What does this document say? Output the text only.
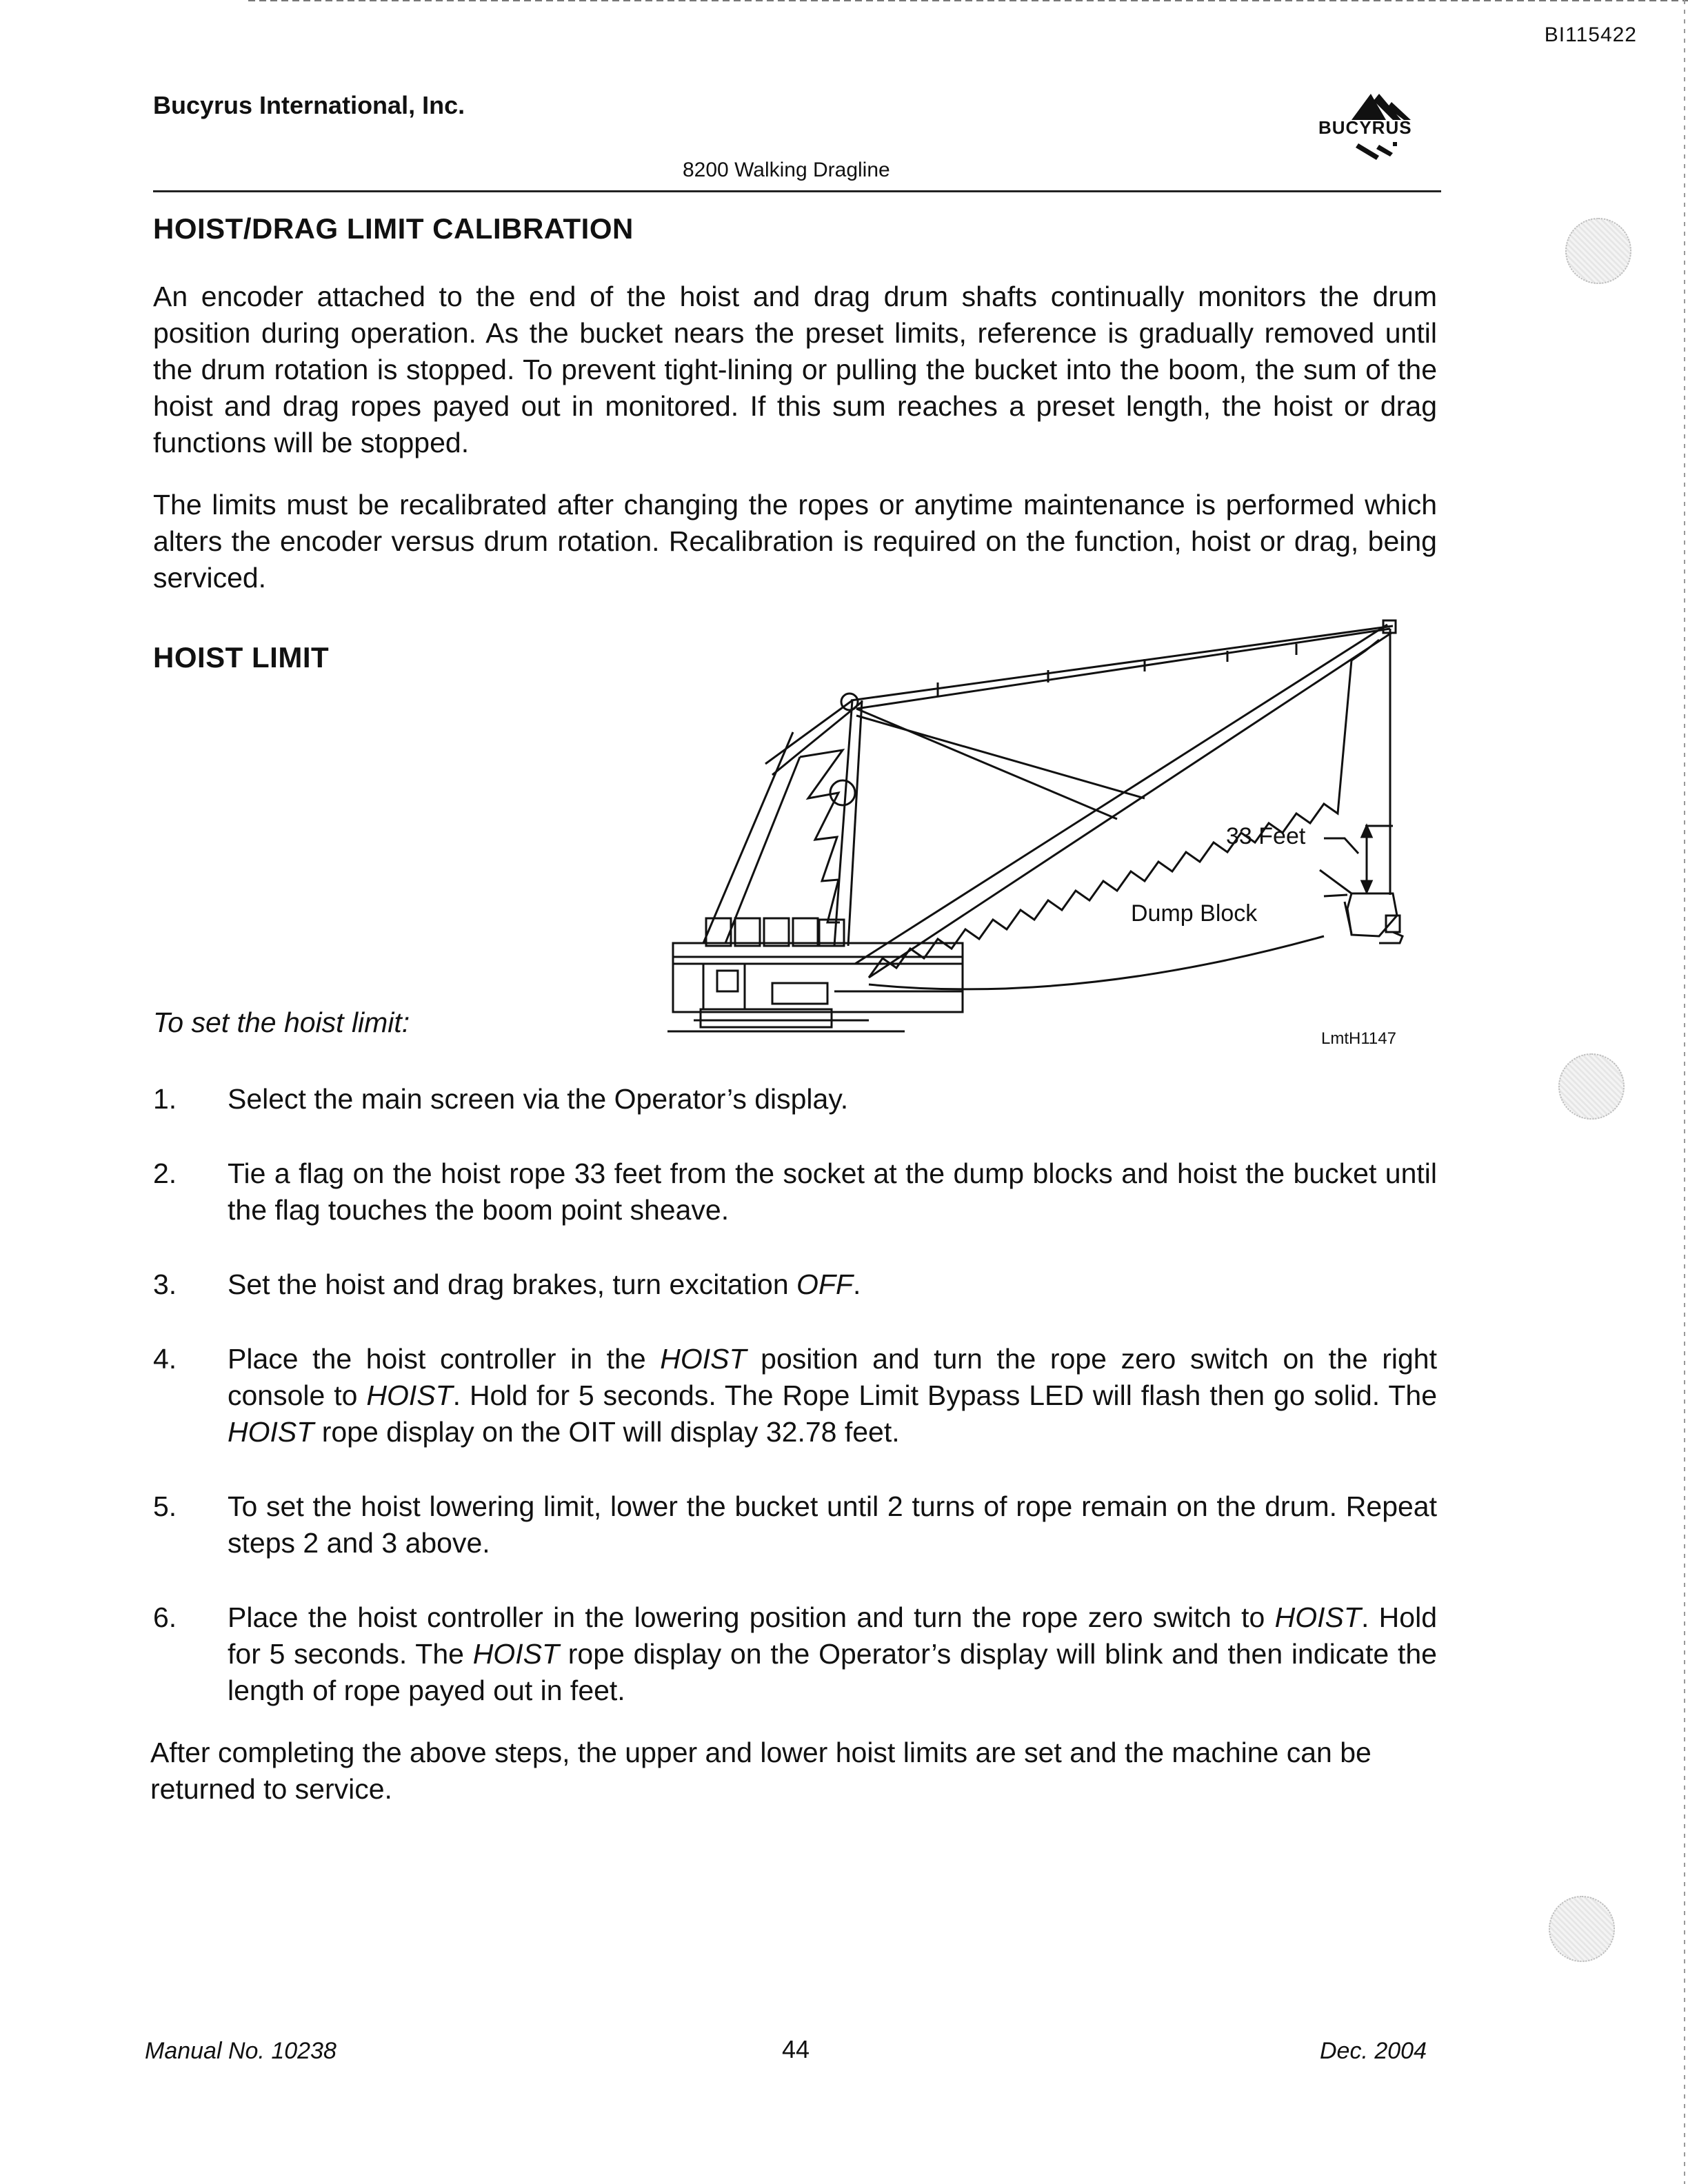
BI115422
Bucyrus International, Inc.
8200 Walking Dragline
BUCYRUS
HOIST/DRAG LIMIT CALIBRATION

An encoder attached to the end of the hoist and drag drum shafts continually monitors the drum position during operation. As the bucket nears the preset limits, reference is gradually removed until the drum rotation is stopped. To prevent tight-lining or pulling the bucket into the boom, the sum of the hoist and drag ropes payed out in monitored. If this sum reaches a preset length, the hoist or drag functions will be stopped.

The limits must be recalibrated after changing the ropes or anytime maintenance is performed which alters the encoder versus drum rotation. Recalibration is required on the function, hoist or drag, being serviced.

HOIST LIMIT
33 Feet
Dump Block
LmtH1147
To set the hoist limit:
1. Select the main screen via the Operator’s display.
2. Tie a flag on the hoist rope 33 feet from the socket at the dump blocks and hoist the bucket until the flag touches the boom point sheave.
3. Set the hoist and drag brakes, turn excitation OFF.
4. Place the hoist controller in the HOIST position and turn the rope zero switch on the right console to HOIST. Hold for 5 seconds. The Rope Limit Bypass LED will flash then go solid. The HOIST rope display on the OIT will display 32.78 feet.
5. To set the hoist lowering limit, lower the bucket until 2 turns of rope remain on the drum. Repeat steps 2 and 3 above.
6. Place the hoist controller in the lowering position and turn the rope zero switch to HOIST. Hold for 5 seconds. The HOIST rope display on the Operator’s display will blink and then indicate the length of rope payed out in feet.

After completing the above steps, the upper and lower hoist limits are set and the machine can be returned to service.

Manual No. 10238	44	Dec. 2004
